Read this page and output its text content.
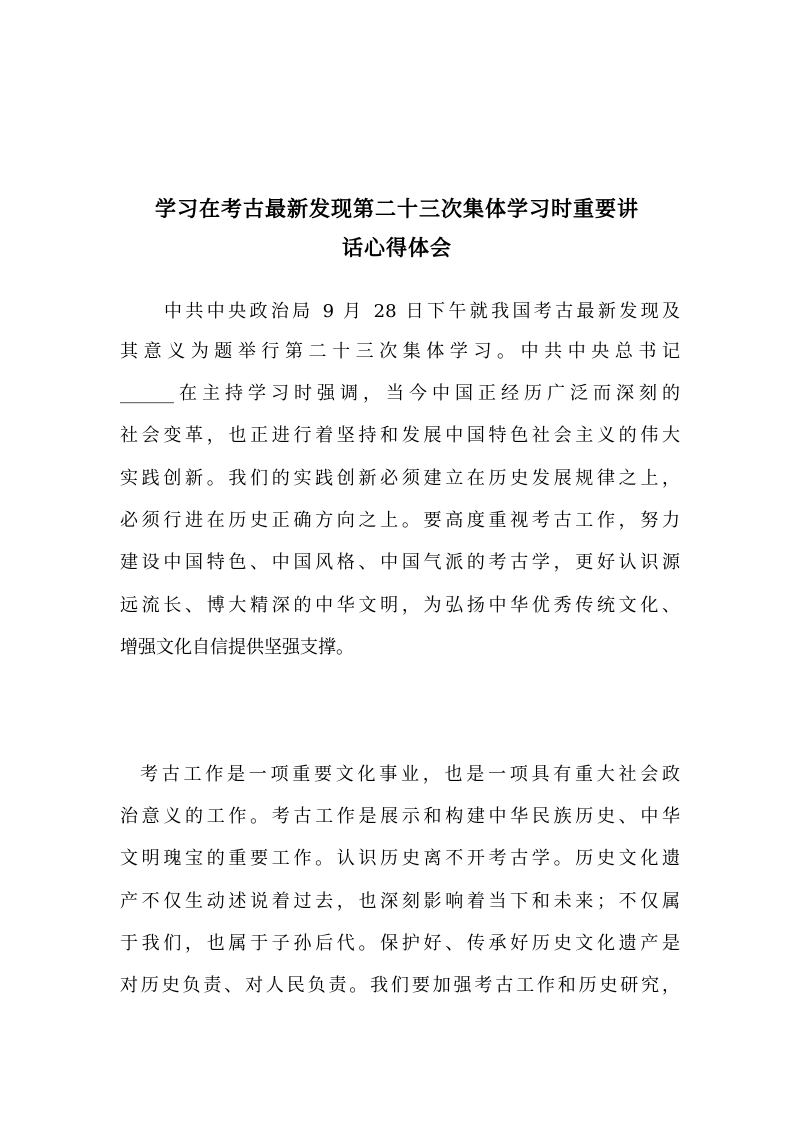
学习在考古最新发现第二十三次集体学习时重要讲
话心得体会
中共中央政治局 9 月 28 日下午就我国考古最新发现及
其意义为题举行第二十三次集体学习。中共中央总书记
______在主持学习时强调，当今中国正经历广泛而深刻的
社会变革，也正进行着坚持和发展中国特色社会主义的伟大
实践创新。我们的实践创新必须建立在历史发展规律之上，
必须行进在历史正确方向之上。要高度重视考古工作，努力
建设中国特色、中国风格、中国气派的考古学，更好认识源
远流长、博大精深的中华文明，为弘扬中华优秀传统文化、
增强文化自信提供坚强支撑。
考古工作是一项重要文化事业，也是一项具有重大社会政
治意义的工作。考古工作是展示和构建中华民族历史、中华
文明瑰宝的重要工作。认识历史离不开考古学。历史文化遗
产不仅生动述说着过去，也深刻影响着当下和未来；不仅属
于我们，也属于子孙后代。保护好、传承好历史文化遗产是
对历史负责、对人民负责。我们要加强考古工作和历史研究，
